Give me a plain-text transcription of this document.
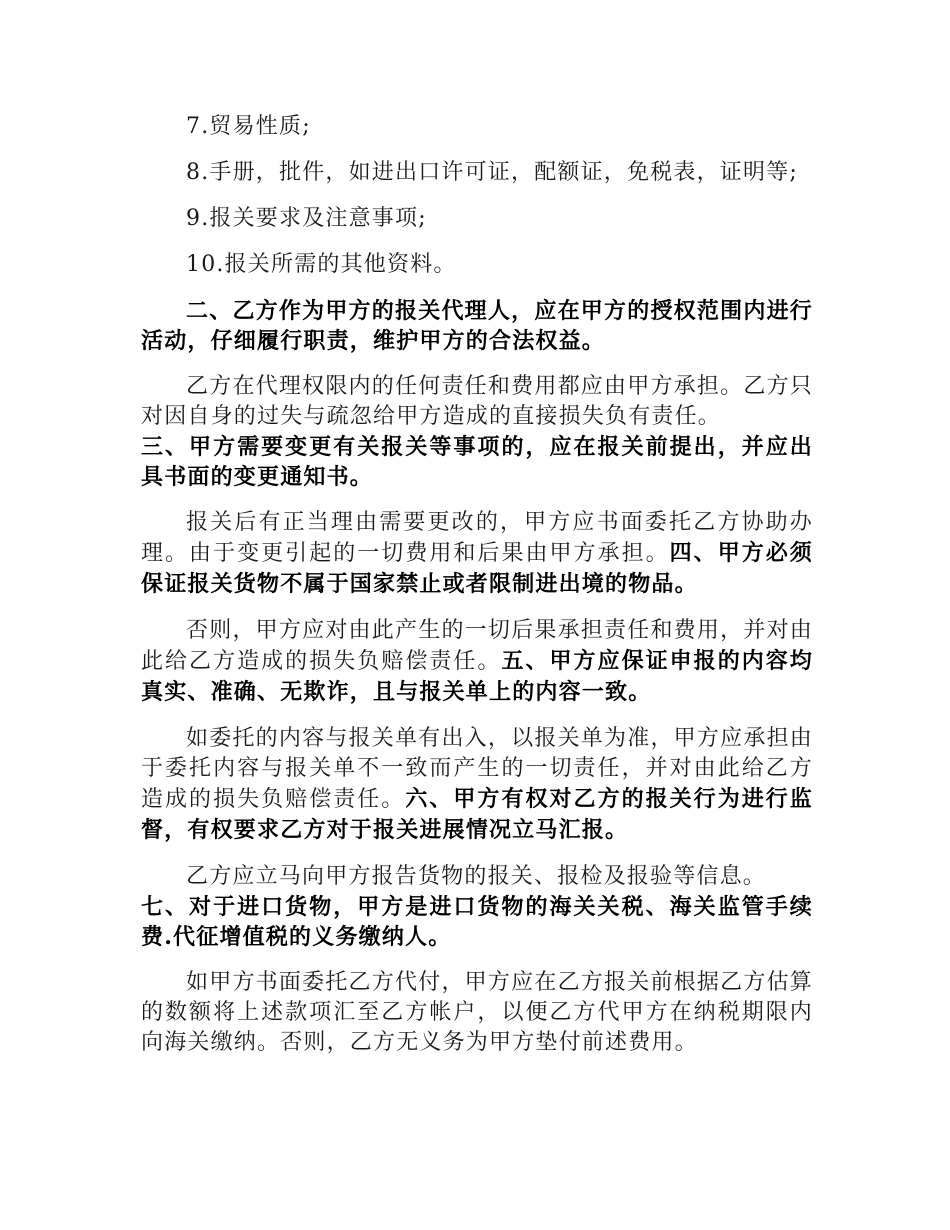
7.贸易性质;

8.手册，批件，如进出口许可证，配额证，免税表，证明等;

9.报关要求及注意事项;

10.报关所需的其他资料。

二、乙方作为甲方的报关代理人，应在甲方的授权范围内进行活动，仔细履行职责，维护甲方的合法权益。

乙方在代理权限内的任何责任和费用都应由甲方承担。乙方只对因自身的过失与疏忽给甲方造成的直接损失负有责任。

三、甲方需要变更有关报关等事项的，应在报关前提出，并应出具书面的变更通知书。

报关后有正当理由需要更改的，甲方应书面委托乙方协助办理。由于变更引起的一切费用和后果由甲方承担。四、甲方必须保证报关货物不属于国家禁止或者限制进出境的物品。

否则，甲方应对由此产生的一切后果承担责任和费用，并对由此给乙方造成的损失负赔偿责任。五、甲方应保证申报的内容均真实、准确、无欺诈，且与报关单上的内容一致。

如委托的内容与报关单有出入，以报关单为准，甲方应承担由于委托内容与报关单不一致而产生的一切责任，并对由此给乙方造成的损失负赔偿责任。六、甲方有权对乙方的报关行为进行监督，有权要求乙方对于报关进展情况立马汇报。

乙方应立马向甲方报告货物的报关、报检及报验等信息。

七、对于进口货物，甲方是进口货物的海关关税、海关监管手续费.代征增值税的义务缴纳人。

如甲方书面委托乙方代付，甲方应在乙方报关前根据乙方估算的数额将上述款项汇至乙方帐户，以便乙方代甲方在纳税期限内向海关缴纳。否则，乙方无义务为甲方垫付前述费用。
